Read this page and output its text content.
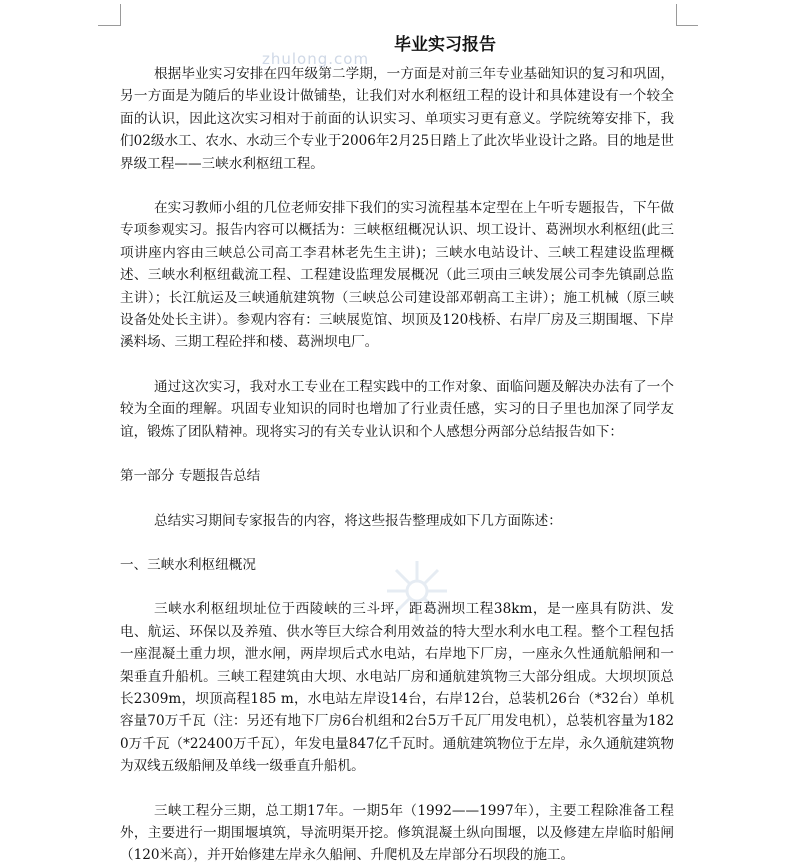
zhulong.com
毕业实习报告

根据毕业实习安排在四年级第二学期，一方面是对前三年专业基础知识的复习和巩固，另一方面是为随后的毕业设计做铺垫，让我们对水利枢纽工程的设计和具体建设有一个较全面的认识，因此这次实习相对于前面的认识实习、单项实习更有意义。学院统筹安排下，我们02级水工、农水、水动三个专业于2006年2月25日踏上了此次毕业设计之路。目的地是世界级工程——三峡水利枢纽工程。

在实习教师小组的几位老师安排下我们的实习流程基本定型在上午听专题报告，下午做专项参观实习。报告内容可以概括为：三峡枢纽概况认识、坝工设计、葛洲坝水利枢纽(此三项讲座内容由三峡总公司高工李君林老先生主讲)；三峡水电站设计、三峡工程建设监理概述、三峡水利枢纽截流工程、工程建设监理发展概况（此三项由三峡发展公司李先镇副总监主讲）；长江航运及三峡通航建筑物（三峡总公司建设部邓朝高工主讲）；施工机械（原三峡设备处处长主讲）。参观内容有：三峡展览馆、坝顶及120栈桥、右岸厂房及三期围堰、下岸溪料场、三期工程砼拌和楼、葛洲坝电厂。

通过这次实习，我对水工专业在工程实践中的工作对象、面临问题及解决办法有了一个较为全面的理解。巩固专业知识的同时也增加了行业责任感，实习的日子里也加深了同学友谊，锻炼了团队精神。现将实习的有关专业认识和个人感想分两部分总结报告如下：

第一部分 专题报告总结

总结实习期间专家报告的内容，将这些报告整理成如下几方面陈述：

一、三峡水利枢纽概况

三峡水利枢纽坝址位于西陵峡的三斗坪，距葛洲坝工程38km，是一座具有防洪、发电、航运、环保以及养殖、供水等巨大综合利用效益的特大型水利水电工程。整个工程包括一座混凝土重力坝，泄水闸，两岸坝后式水电站，右岸地下厂房，一座永久性通航船闸和一架垂直升船机。三峡工程建筑由大坝、水电站厂房和通航建筑物三大部分组成。大坝坝顶总长2309m，坝顶高程185 m，水电站左岸设14台，右岸12台，总装机26台（*32台）单机容量70万千瓦（注：另还有地下厂房6台机组和2台5万千瓦厂用发电机），总装机容量为1820万千瓦（*22400万千瓦），年发电量847亿千瓦时。通航建筑物位于左岸，永久通航建筑物为双线五级船闸及单线一级垂直升船机。

三峡工程分三期，总工期17年。一期5年（1992——1997年），主要工程除准备工程外，主要进行一期围堰填筑，导流明渠开挖。修筑混凝土纵向围堰，以及修建左岸临时船闸（120米高），并开始修建左岸永久船闸、升爬机及左岸部分石坝段的施工。
